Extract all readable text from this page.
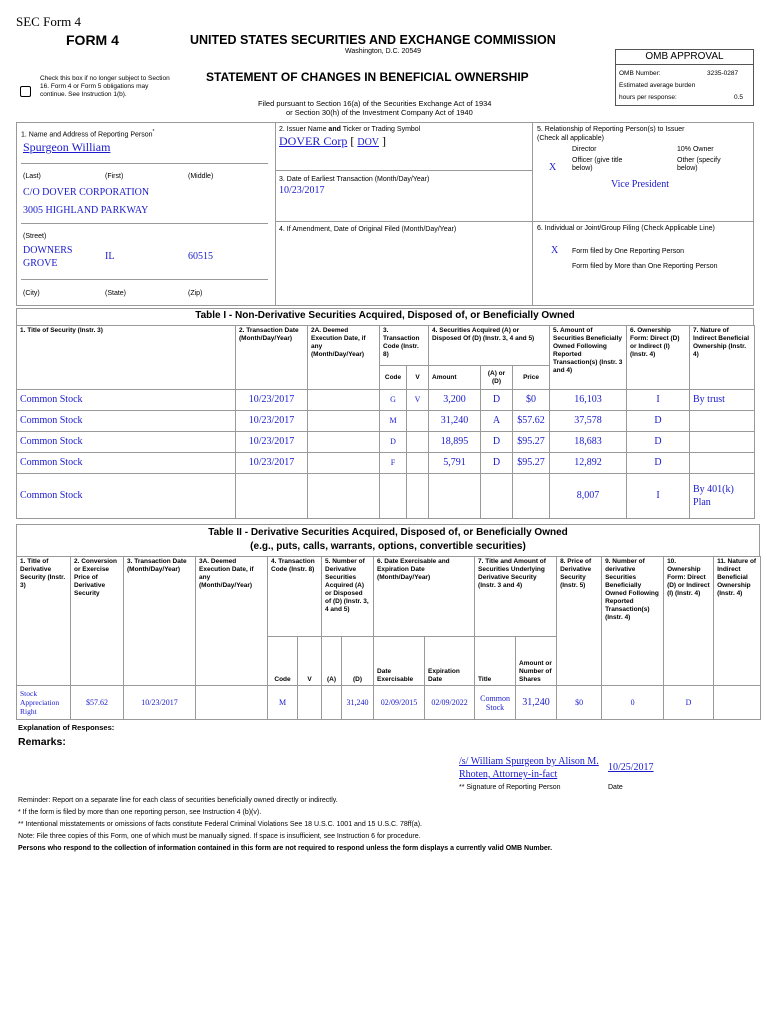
SEC Form 4
FORM 4	UNITED STATES SECURITIES AND EXCHANGE COMMISSION
Washington, D.C. 20549
STATEMENT OF CHANGES IN BENEFICIAL OWNERSHIP
Filed pursuant to Section 16(a) of the Securities Exchange Act of 1934
or Section 30(h) of the Investment Company Act of 1940
Check this box if no longer subject to Section 16. Form 4 or Form 5 obligations may continue. See Instruction 1(b).
OMB APPROVAL
OMB Number:	3235-0287
Estimated average burden
hours per response:	0.5
1. Name and Address of Reporting Person*
Spurgeon William
(Last)	(First)	(Middle)
C/O DOVER CORPORATION
3005 HIGHLAND PARKWAY
(Street)
DOWNERS GROVE
IL	60515
(City)	(State)	(Zip)
2. Issuer Name and Ticker or Trading Symbol
DOVER Corp [ DOV ]
3. Date of Earliest Transaction (Month/Day/Year)
10/23/2017
4. If Amendment, Date of Original Filed (Month/Day/Year)
5. Relationship of Reporting Person(s) to Issuer
(Check all applicable)
Director	10% Owner
X
Officer (give title below)
Other (specify below)
Vice President
6. Individual or Joint/Group Filing (Check Applicable Line)
X Form filed by One Reporting Person
Form filed by More than One Reporting Person
Table I - Non-Derivative Securities Acquired, Disposed of, or Beneficially Owned
1. Title of Security (Instr. 3)	2. Transaction Date (Month/Day/Year)	2A. Deemed Execution Date, if any (Month/Day/Year)	3. Transaction Code (Instr. 8)		4. Securities Acquired (A) or Disposed Of (D) (Instr. 3, 4 and 5)			5. Amount of Securities Beneficially Owned Following Reported Transaction(s) (Instr. 3 and 4)	6. Ownership Form: Direct (D) or Indirect (I) (Instr. 4)	7. Nature of Indirect Beneficial Ownership (Instr. 4)
			Code	V	Amount	(A) or (D)	Price			
Common Stock	10/23/2017		G	V	3,200	D	$0	16,103	I	By trust
Common Stock	10/23/2017		M		31,240	A	$57.62	37,578	D	
Common Stock	10/23/2017		D		18,895	D	$95.27	18,683	D	
Common Stock	10/23/2017		F		5,791	D	$95.27	12,892	D	
Common Stock								8,007	I	By 401(k) Plan
Table II - Derivative Securities Acquired, Disposed of, or Beneficially Owned
(e.g., puts, calls, warrants, options, convertible securities)
1. Title of Derivative Security (Instr. 3)	2. Conversion or Exercise Price of Derivative Security	3. Transaction Date (Month/Day/Year)	3A. Deemed Execution Date, if any (Month/Day/Year)	4. Transaction Code (Instr. 8)		5. Number of Derivative Securities Acquired (A) or Disposed of (D) (Instr. 3, 4 and 5)		6. Date Exercisable and Expiration Date (Month/Day/Year)		7. Title and Amount of Securities Underlying Derivative Security (Instr. 3 and 4)		8. Price of Derivative Security (Instr. 5)	9. Number of derivative Securities Beneficially Owned Following Reported Transaction(s) (Instr. 4)	10. Ownership Form: Direct (D) or Indirect (I) (Instr. 4)	11. Nature of Indirect Beneficial Ownership (Instr. 4)
				Code	V	(A)	(D)	Date Exercisable	Expiration Date	Title	Amount or Number of Shares				
Stock Appreciation Right	$57.62	10/23/2017		M			31,240	02/09/2015	02/09/2022	Common Stock	31,240	$0	0	D	
Explanation of Responses:
Remarks:
/s/ William Spurgeon by Alison M. Rhoten, Attorney-in-fact
10/25/2017
** Signature of Reporting Person	Date
Reminder: Report on a separate line for each class of securities beneficially owned directly or indirectly.
* If the form is filed by more than one reporting person, see Instruction 4 (b)(v).
** Intentional misstatements or omissions of facts constitute Federal Criminal Violations See 18 U.S.C. 1001 and 15 U.S.C. 78ff(a).
Note: File three copies of this Form, one of which must be manually signed. If space is insufficient, see Instruction 6 for procedure.
Persons who respond to the collection of information contained in this form are not required to respond unless the form displays a currently valid OMB Number.
